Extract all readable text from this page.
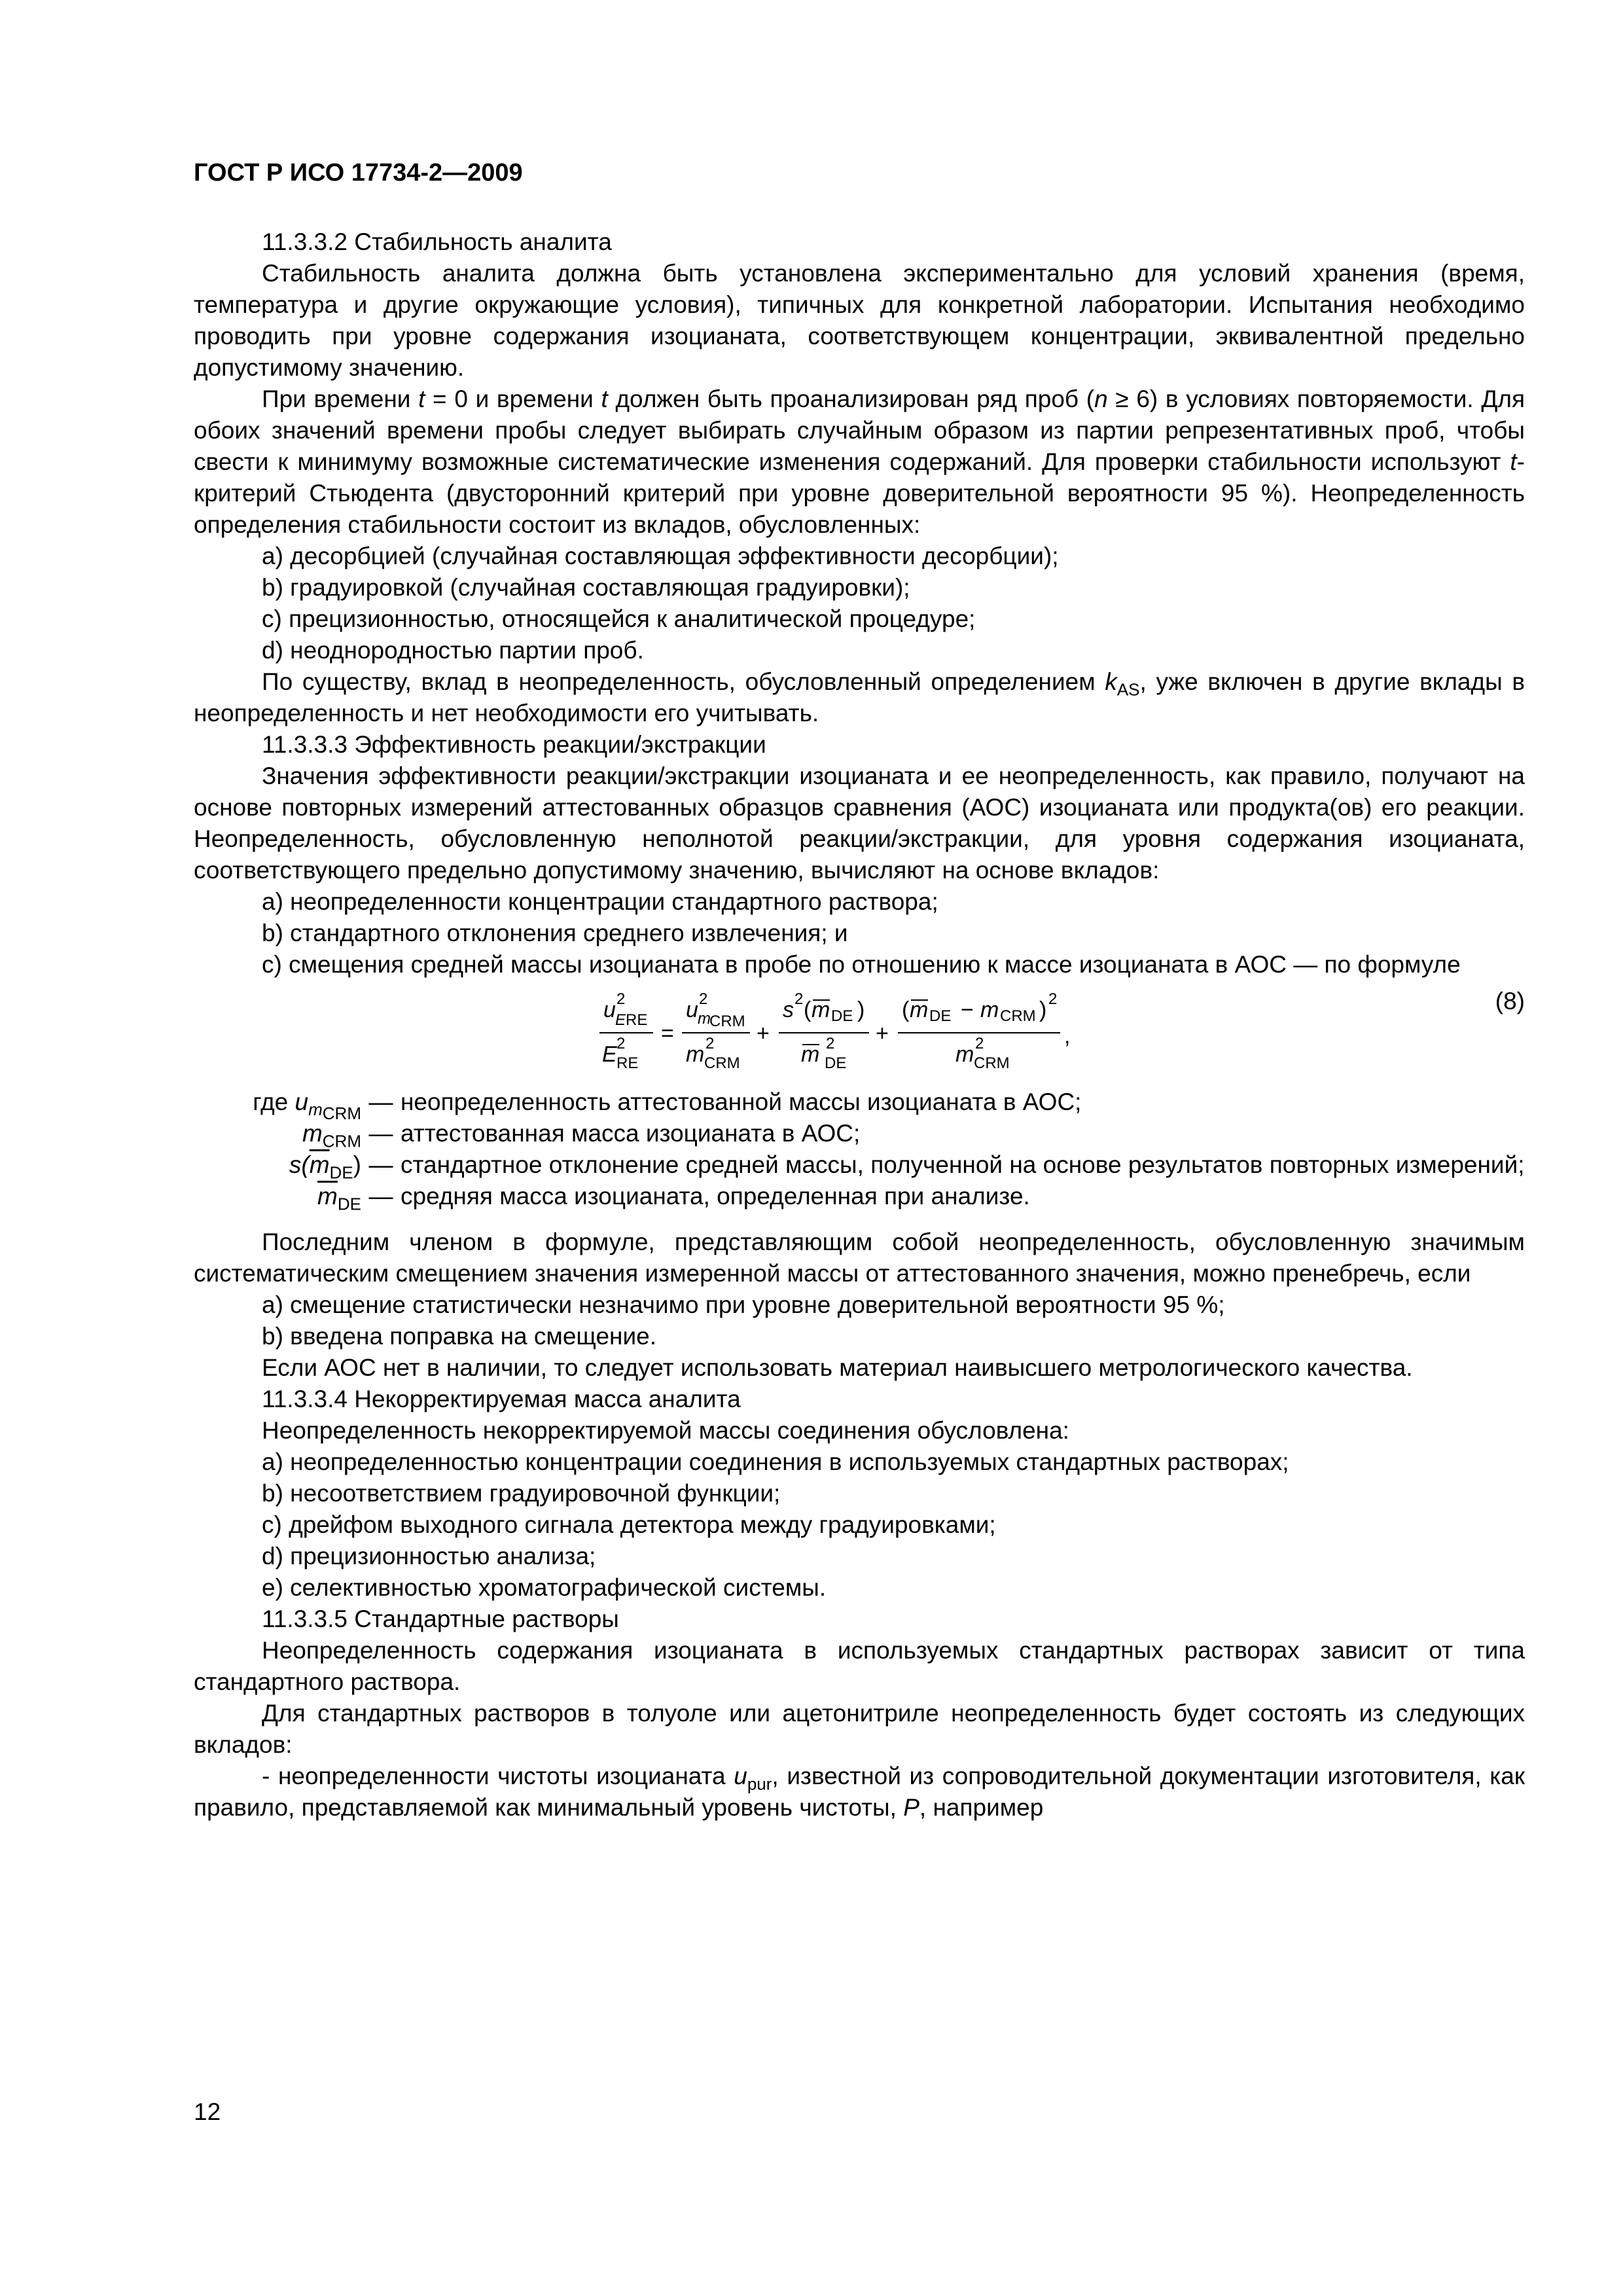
ГОСТ Р ИСО 17734-2—2009

11.3.3.2 Стабильность аналита

Стабильность аналита должна быть установлена экспериментально для условий хранения (время, температура и другие окружающие условия), типичных для конкретной лаборатории. Испытания необходимо проводить при уровне содержания изоцианата, соответствующем концентрации, эквивалентной предельно допустимому значению.

При времени t = 0 и времени t должен быть проанализирован ряд проб (n ≥ 6) в условиях повторяемости. Для обоих значений времени пробы следует выбирать случайным образом из партии репрезентативных проб, чтобы свести к минимуму возможные систематические изменения содержаний. Для проверки стабильности используют t-критерий Стьюдента (двусторонний критерий при уровне доверительной вероятности 95 %). Неопределенность определения стабильности состоит из вкладов, обусловленных:

a) десорбцией (случайная составляющая эффективности десорбции);

b) градуировкой (случайная составляющая градуировки);

c) прецизионностью, относящейся к аналитической процедуре;

d) неоднородностью партии проб.

По существу, вклад в неопределенность, обусловленный определением $k_{AS}$, уже включен в другие вклады в неопределенность и нет необходимости его учитывать.

11.3.3.3 Эффективность реакции/экстракции

Значения эффективности реакции/экстракции изоцианата и ее неопределенность, как правило, получают на основе повторных измерений аттестованных образцов сравнения (АОС) изоцианата или продукта(ов) его реакции. Неопределенность, обусловленную неполнотой реакции/экстракции, для уровня содержания изоцианата, соответствующего предельно допустимому значению, вычисляют на основе вкладов:

a) неопределенности концентрации стандартного раствора;

b) стандартного отклонения среднего извлечения; и

c) смещения средней массы изоцианата в пробе по отношению к массе изоцианата в АОС — по формуле

u 2
E RE
E 2
RE
=
u 2
m
CRM
m 2
CRM
+
s 2 ( m DE )
m 2
DE
+
( m DE − m CRM ) 2
m 2
CRM
,
(8)
где $u_{m_{CRM}}$ — неопределенность аттестованной массы изоцианата в АОС;
$m_{CRM}$ — аттестованная масса изоцианата в АОС;
$s(\overline{m}_{DE})$ — стандартное отклонение средней массы, полученной на основе результатов повторных измерений;
$\overline{m}_{DE}$ — средняя масса изоцианата, определенная при анализе.

Последним членом в формуле, представляющим собой неопределенность, обусловленную значимым систематическим смещением значения измеренной массы от аттестованного значения, можно пренебречь, если

a) смещение статистически незначимо при уровне доверительной вероятности 95 %;

b) введена поправка на смещение.

Если АОС нет в наличии, то следует использовать материал наивысшего метрологического качества.

11.3.3.4 Некорректируемая масса аналита

Неопределенность некорректируемой массы соединения обусловлена:

a) неопределенностью концентрации соединения в используемых стандартных растворах;

b) несоответствием градуировочной функции;

c) дрейфом выходного сигнала детектора между градуировками;

d) прецизионностью анализа;

e) селективностью хроматографической системы.

11.3.3.5 Стандартные растворы

Неопределенность содержания изоцианата в используемых стандартных растворах зависит от типа стандартного раствора.

Для стандартных растворов в толуоле или ацетонитриле неопределенность будет состоять из следующих вкладов:

- неопределенности чистоты изоцианата $u_{pur}$, известной из сопроводительной документации изготовителя, как правило, представляемой как минимальный уровень чистоты, P, например

12
